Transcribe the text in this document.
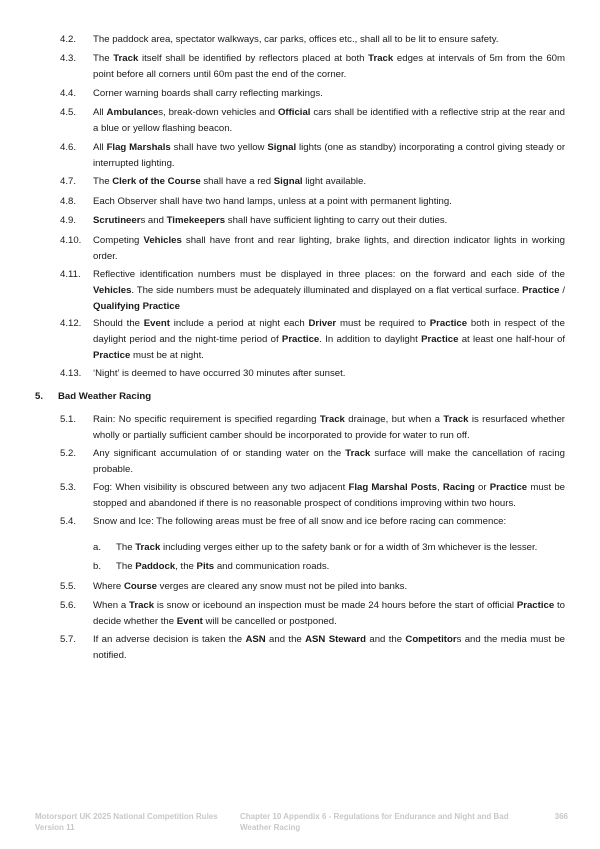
4.2.	The paddock area, spectator walkways, car parks, offices etc., shall all to be lit to ensure safety.
4.3.	The Track itself shall be identified by reflectors placed at both Track edges at intervals of 5m from the 60m point before all corners until 60m past the end of the corner.
4.4.	Corner warning boards shall carry reflecting markings.
4.5.	All Ambulances, break-down vehicles and Official cars shall be identified with a reflective strip at the rear and a blue or yellow flashing beacon.
4.6.	All Flag Marshals shall have two yellow Signal lights (one as standby) incorporating a control giving steady or interrupted lighting.
4.7.	The Clerk of the Course shall have a red Signal light available.
4.8.	Each Observer shall have two hand lamps, unless at a point with permanent lighting.
4.9.	Scrutineers and Timekeepers shall have sufficient lighting to carry out their duties.
4.10.	Competing Vehicles shall have front and rear lighting, brake lights, and direction indicator lights in working order.
4.11.	Reflective identification numbers must be displayed in three places: on the forward and each side of the Vehicles. The side numbers must be adequately illuminated and displayed on a flat vertical surface. Practice / Qualifying Practice
4.12.	Should the Event include a period at night each Driver must be required to Practice both in respect of the daylight period and the night-time period of Practice. In addition to daylight Practice at least one half-hour of Practice must be at night.
4.13.	‘Night’ is deemed to have occurred 30 minutes after sunset.
5. Bad Weather Racing
5.1.	Rain: No specific requirement is specified regarding Track drainage, but when a Track is resurfaced whether wholly or partially sufficient camber should be incorporated to provide for water to run off.
5.2.	Any significant accumulation of or standing water on the Track surface will make the cancellation of racing probable.
5.3.	Fog: When visibility is obscured between any two adjacent Flag Marshal Posts, Racing or Practice must be stopped and abandoned if there is no reasonable prospect of conditions improving within two hours.
5.4.	Snow and Ice: The following areas must be free of all snow and ice before racing can commence:
a.	The Track including verges either up to the safety bank or for a width of 3m whichever is the lesser.
b.	The Paddock, the Pits and communication roads.
5.5.	Where Course verges are cleared any snow must not be piled into banks.
5.6.	When a Track is snow or icebound an inspection must be made 24 hours before the start of official Practice to decide whether the Event will be cancelled or postponed.
5.7.	If an adverse decision is taken the ASN and the ASN Steward and the Competitors and the media must be notified.
Motorsport UK 2025 National Competition Rules Version 11
Chapter 10 Appendix 6 - Regulations for Endurance and Night and Bad Weather Racing
366
